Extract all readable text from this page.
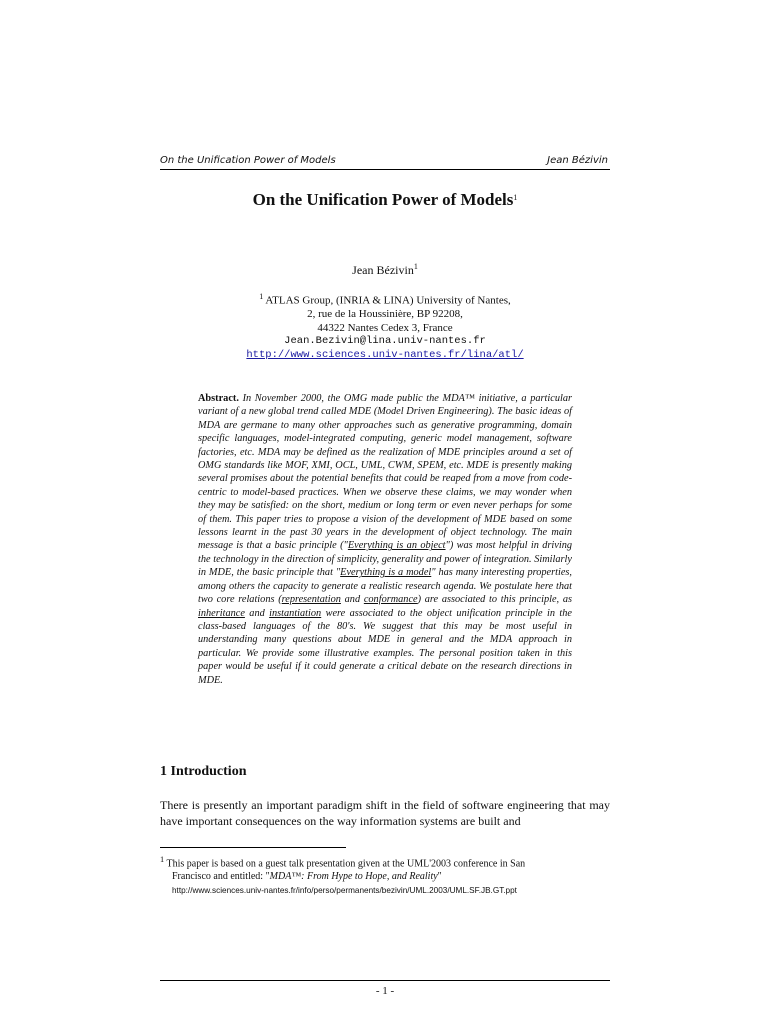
On the Unification Power of Models	Jean Bézivin
On the Unification Power of Models$^1$
Jean Bézivin$^1$
$^1$ ATLAS Group, (INRIA & LINA) University of Nantes,
2, rue de la Houssinière, BP 92208,
44322 Nantes Cedex 3, France
Jean.Bezivin@lina.univ-nantes.fr
http://www.sciences.univ-nantes.fr/lina/atl/
Abstract. In November 2000, the OMG made public the MDA™ initiative, a particular variant of a new global trend called MDE (Model Driven Engineering). The basic ideas of MDA are germane to many other approaches such as generative programming, domain specific languages, model-integrated computing, generic model management, software factories, etc. MDA may be defined as the realization of MDE principles around a set of OMG standards like MOF, XMI, OCL, UML, CWM, SPEM, etc. MDE is presently making several promises about the potential benefits that could be reaped from a move from code-centric to model-based practices. When we observe these claims, we may wonder when they may be satisfied: on the short, medium or long term or even never perhaps for some of them. This paper tries to propose a vision of the development of MDE based on some lessons learnt in the past 30 years in the development of object technology. The main message is that a basic principle ("Everything is an object") was most helpful in driving the technology in the direction of simplicity, generality and power of integration. Similarly in MDE, the basic principle that "Everything is a model" has many interesting properties, among others the capacity to generate a realistic research agenda. We postulate here that two core relations (representation and conformance) are associated to this principle, as inheritance and instantiation were associated to the object unification principle in the class-based languages of the 80's. We suggest that this may be most useful in understanding many questions about MDE in general and the MDA approach in particular. We provide some illustrative examples. The personal position taken in this paper would be useful if it could generate a critical debate on the research directions in MDE.
1 Introduction
There is presently an important paradigm shift in the field of software engineering that may have important consequences on the way information systems are built and
$^1$ This paper is based on a guest talk presentation given at the UML'2003 conference in San
Francisco and entitled: "MDA™: From Hype to Hope, and Reality"
http://www.sciences.univ-nantes.fr/info/perso/permanents/bezivin/UML.2003/UML.SF.JB.GT.ppt
- 1 -
